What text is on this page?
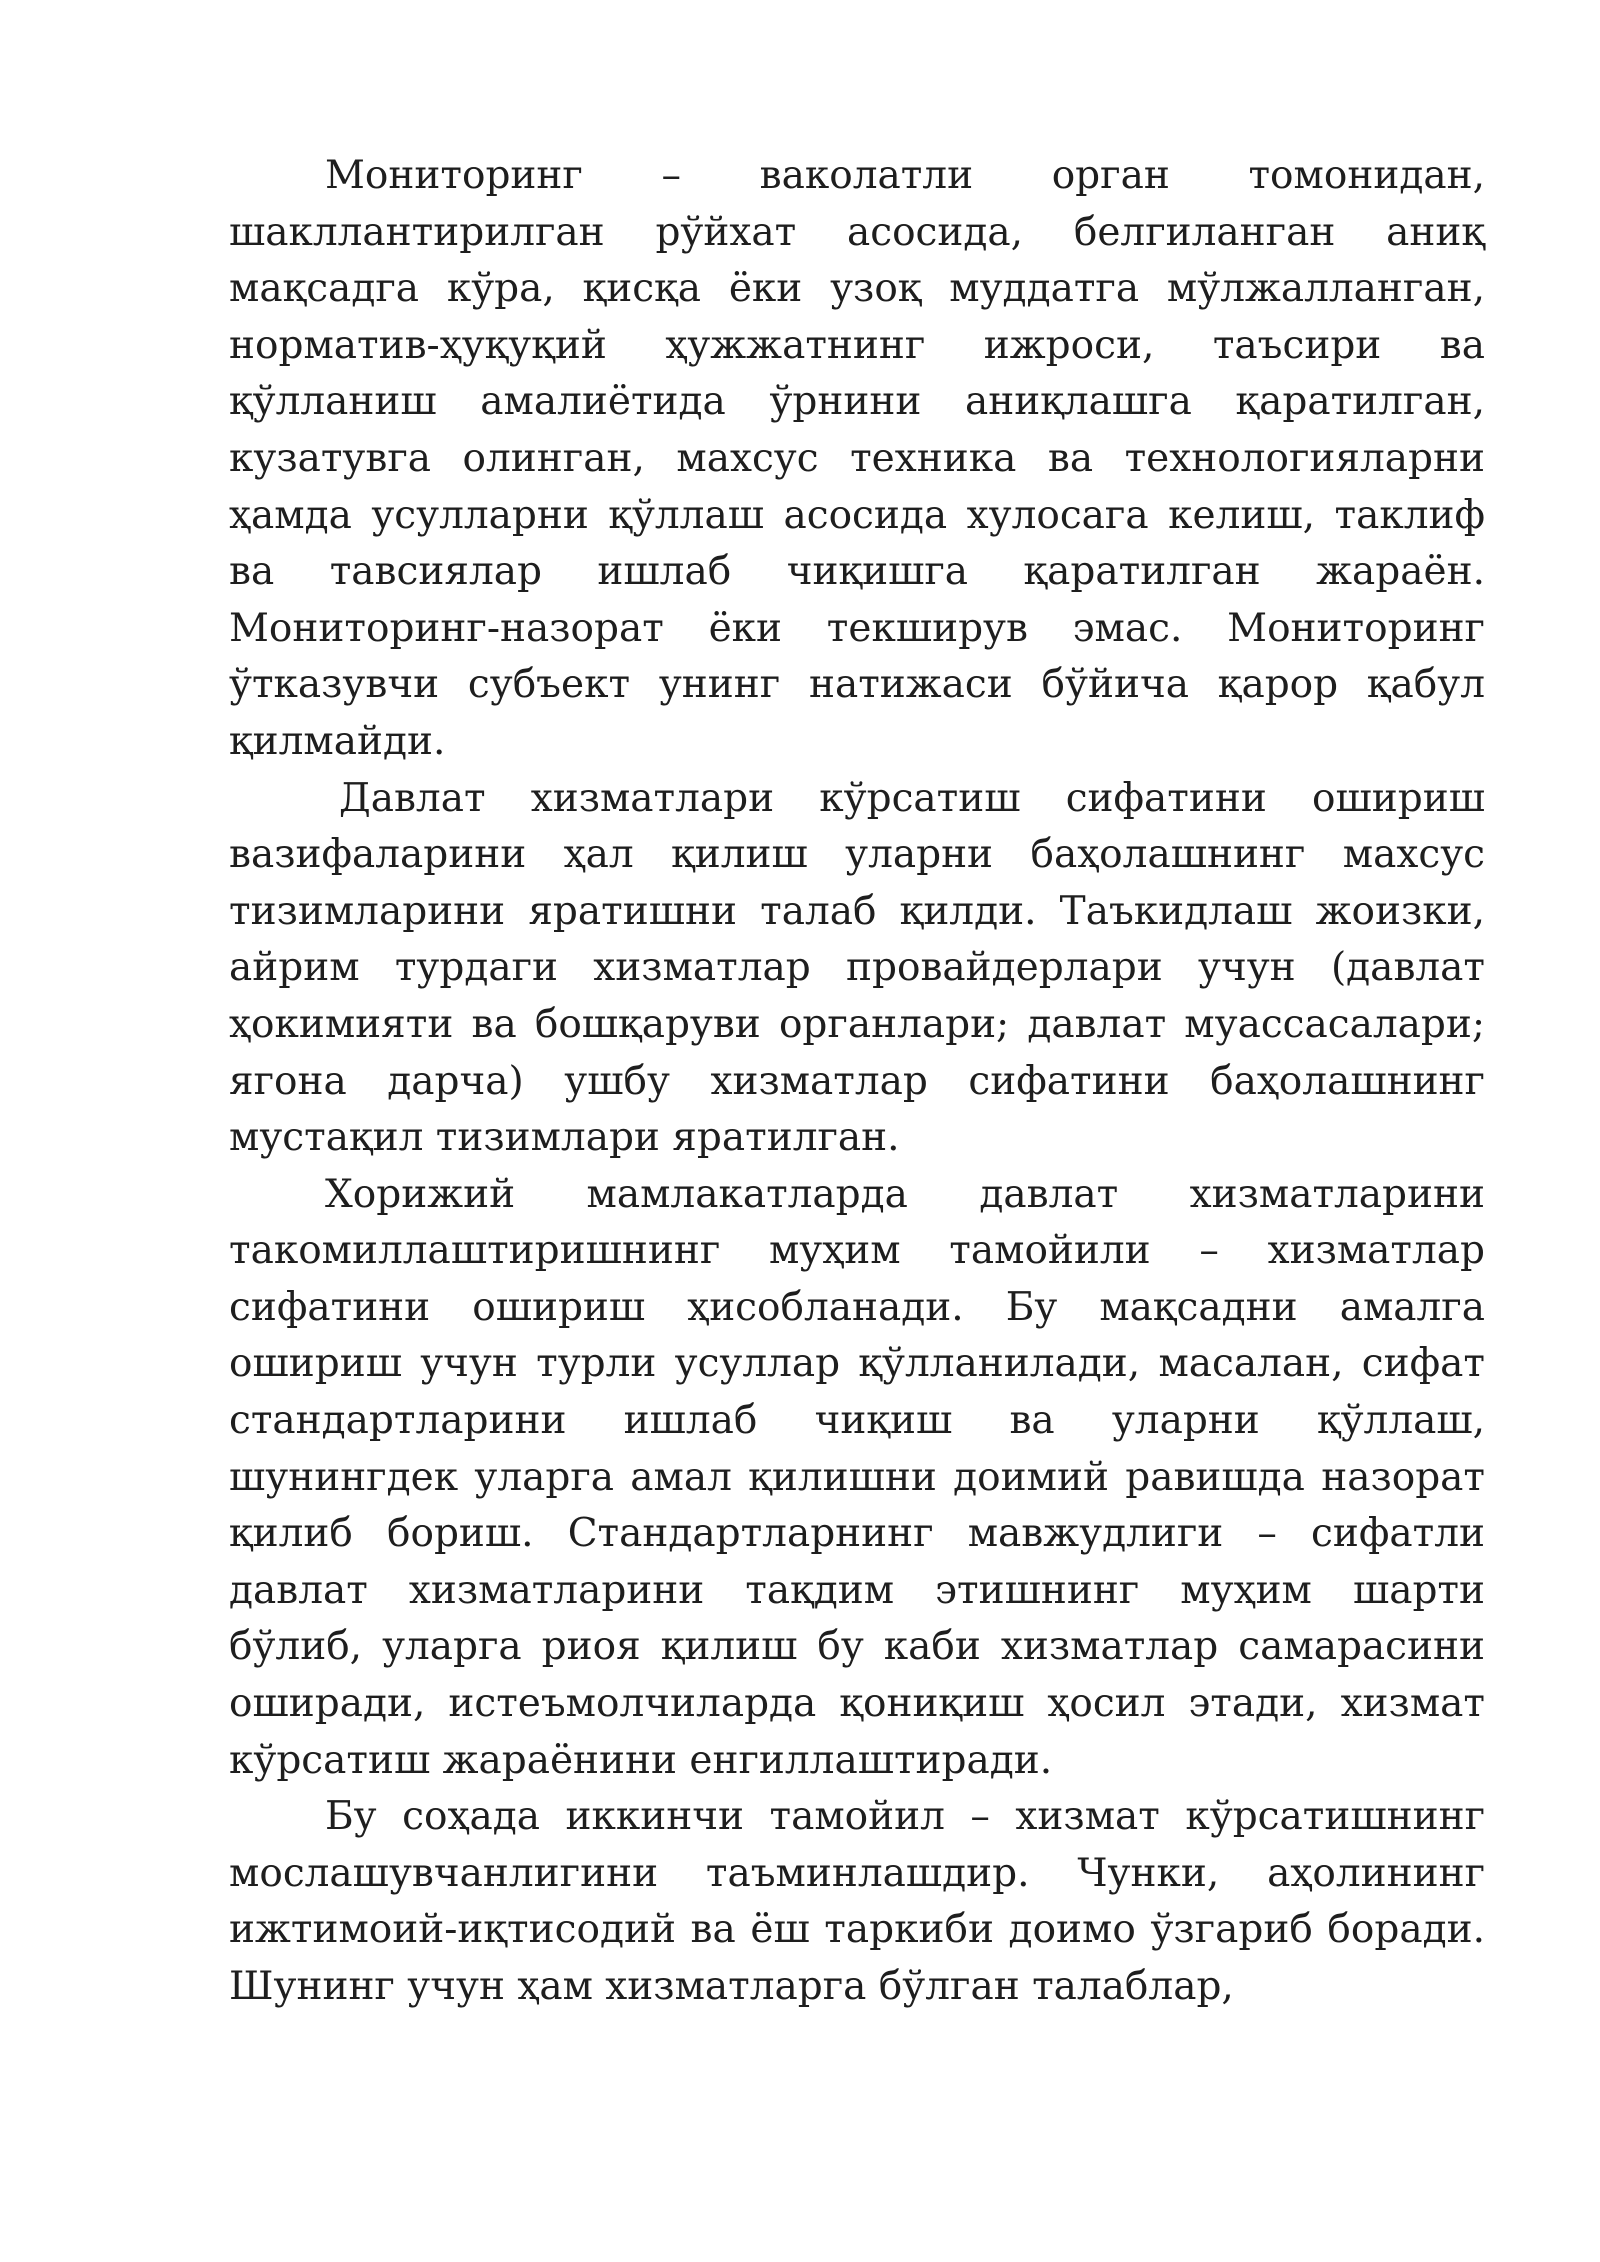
Мониторинг – ваколатли орган томонидан, шакллантирилган рўйхат асосида, белгиланган аниқ мақсадга кўра, қисқа ёки узоқ муддатга мўлжалланган, норматив-ҳуқуқий ҳужжатнинг ижроси, таъсири ва қўлланиш амалиётида ўрнини аниқлашга қаратилган, кузатувга олинган, махсус техника ва технологияларни ҳамда усулларни қўллаш асосида хулосага келиш, таклиф ва тавсиялар ишлаб чиқишга қаратилган жараён. Мониторинг-назорат ёки текширув эмас. Мониторинг ўтказувчи субъект унинг натижаси бўйича қарор қабул қилмайди.

Давлат хизматлари кўрсатиш сифатини ошириш вазифаларини ҳал қилиш уларни баҳолашнинг махсус тизимларини яратишни талаб қилди. Таъкидлаш жоизки, айрим турдаги хизматлар провайдерлари учун (давлат ҳокимияти ва бошқаруви органлари; давлат муассасалари; ягона дарча) ушбу хизматлар сифатини баҳолашнинг мустақил тизимлари яратилган.

Хорижий мамлакатларда давлат хизматларини такомиллаштиришнинг муҳим тамойили – хизматлар сифатини ошириш ҳисобланади. Бу мақсадни амалга ошириш учун турли усуллар қўлланилади, масалан, сифат стандартларини ишлаб чиқиш ва уларни қўллаш, шунингдек уларга амал қилишни доимий равишда назорат қилиб бориш. Стандартларнинг мавжудлиги – сифатли давлат хизматларини тақдим этишнинг муҳим шарти бўлиб, уларга риоя қилиш бу каби хизматлар самарасини оширади, истеъмолчиларда қониқиш ҳосил этади, хизмат кўрсатиш жараёнини енгиллаштиради.

Бу соҳада иккинчи тамойил – хизмат кўрсатишнинг мослашувчанлигини таъминлашдир. Чунки, аҳолининг ижтимоий-иқтисодий ва ёш таркиби доимо ўзгариб боради. Шунинг учун ҳам хизматларга бўлган талаблар,
